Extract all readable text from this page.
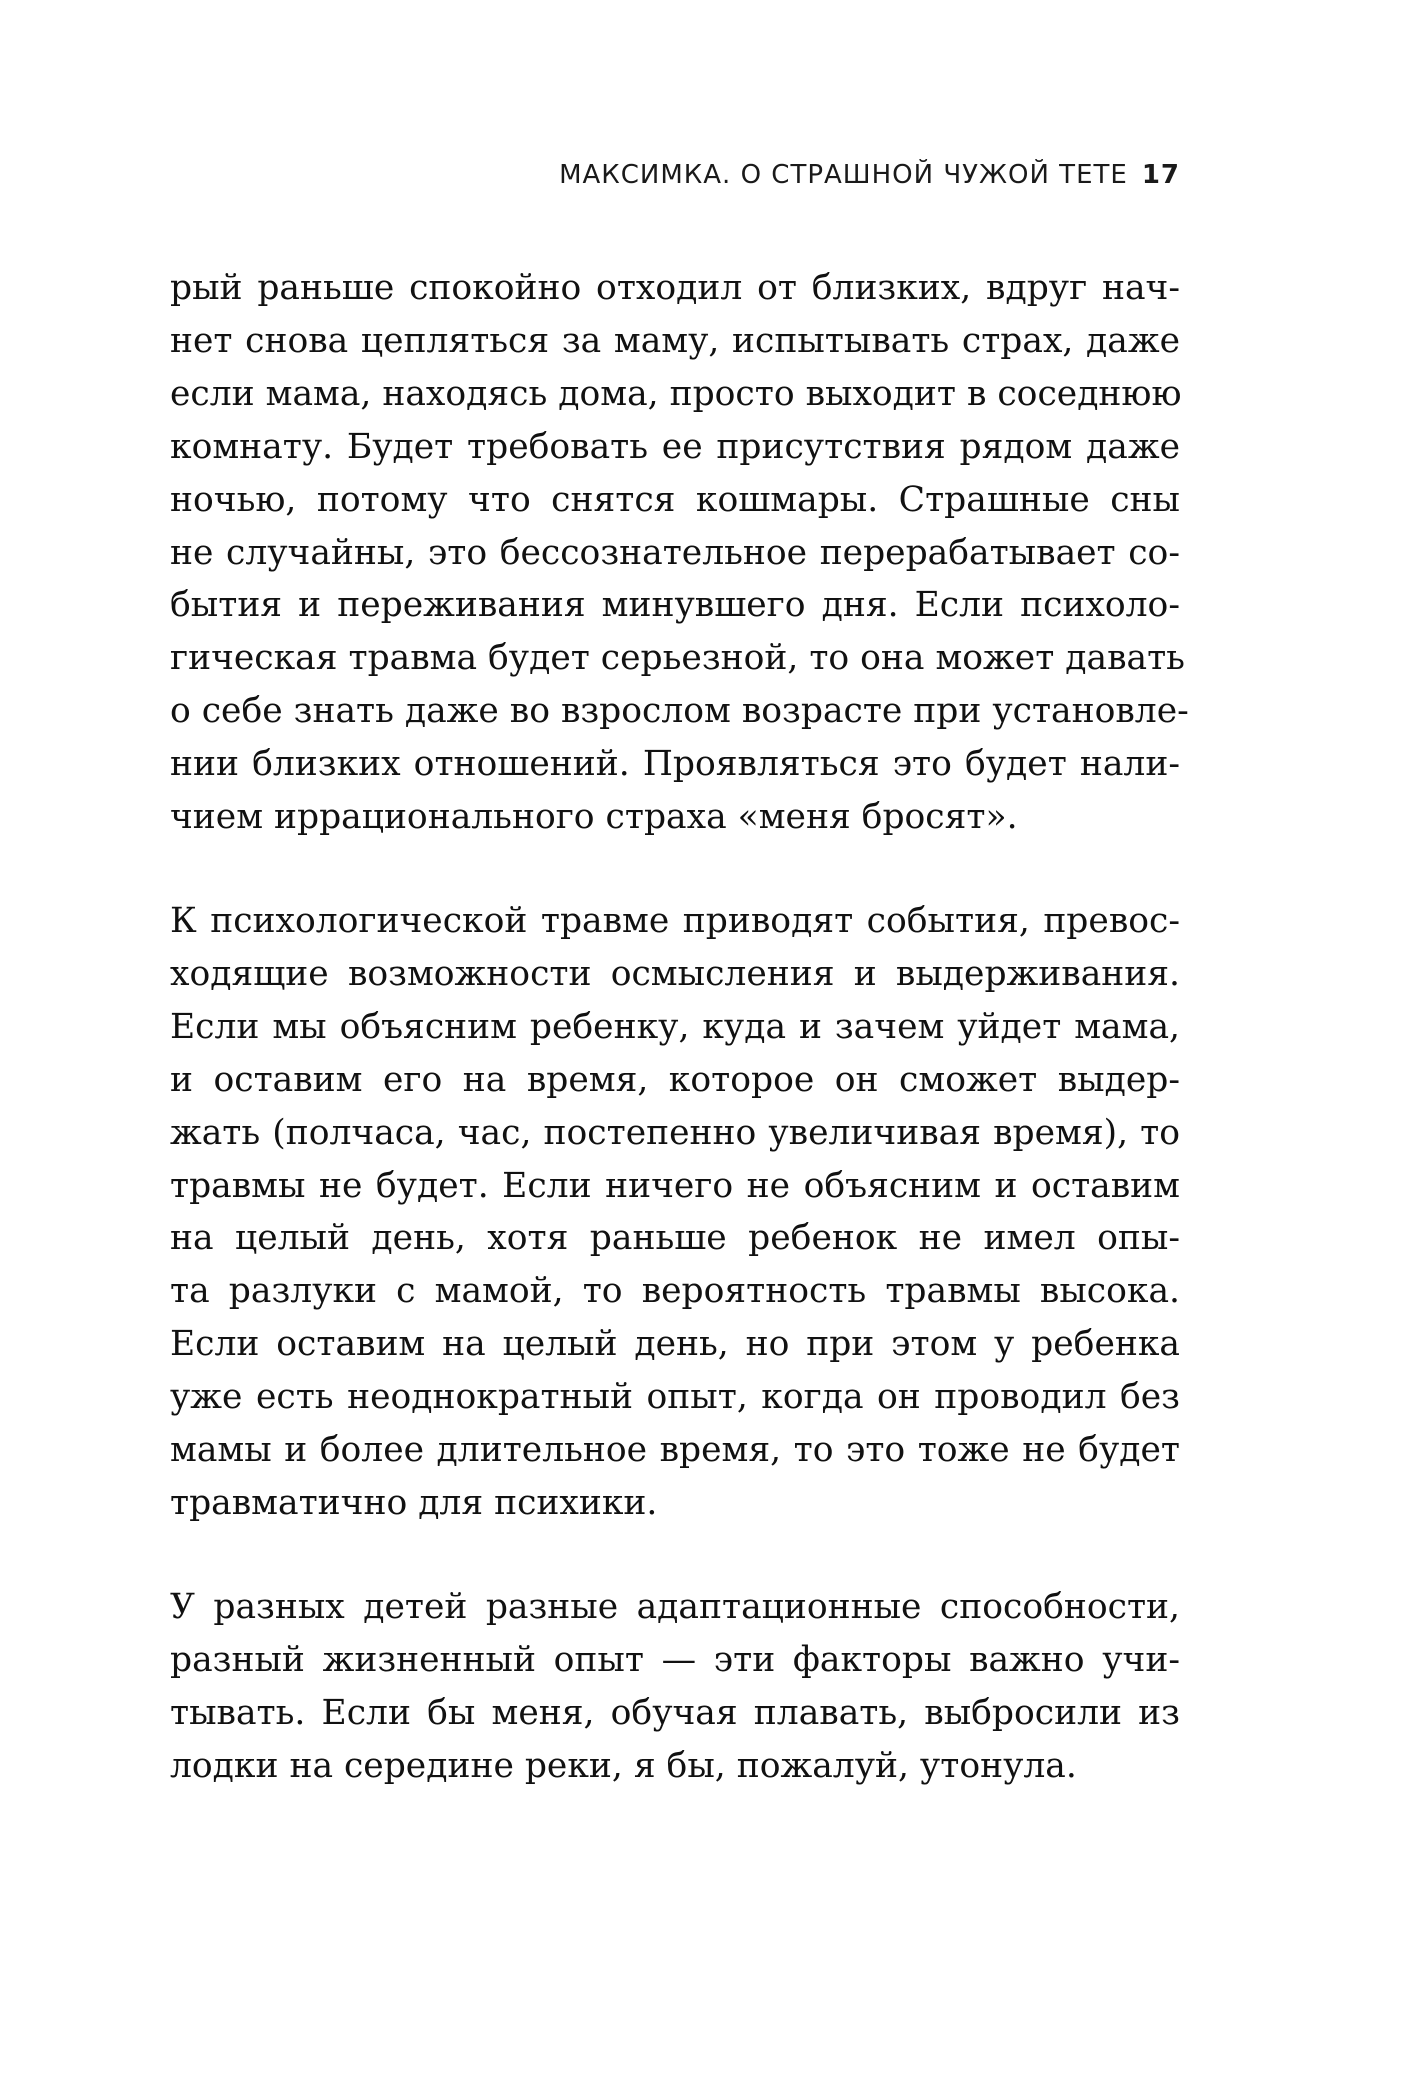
МАКСИМКА. О СТРАШНОЙ ЧУЖОЙ ТЕТЕ 17

рый раньше спокойно отходил от близких, вдруг нач-
нет снова цепляться за маму, испытывать страх, даже
если мама, находясь дома, просто выходит в соседнюю
комнату. Будет требовать ее присутствия рядом даже
ночью, потому что снятся кошмары. Страшные сны
не случайны, это бессознательное перерабатывает со-
бытия и переживания минувшего дня. Если психоло-
гическая травма будет серьезной, то она может давать
о себе знать даже во взрослом возрасте при установле-
нии близких отношений. Проявляться это будет нали-
чием иррационального страха «меня бросят».

К психологической травме приводят события, превос-
ходящие возможности осмысления и выдерживания.
Если мы объясним ребенку, куда и зачем уйдет мама,
и оставим его на время, которое он сможет выдер-
жать (полчаса, час, постепенно увеличивая время), то
травмы не будет. Если ничего не объясним и оставим
на целый день, хотя раньше ребенок не имел опы-
та разлуки с мамой, то вероятность травмы высока.
Если оставим на целый день, но при этом у ребенка
уже есть неоднократный опыт, когда он проводил без
мамы и более длительное время, то это тоже не будет
травматично для психики.

У разных детей разные адаптационные способности,
разный жизненный опыт — эти факторы важно учи-
тывать. Если бы меня, обучая плавать, выбросили из
лодки на середине реки, я бы, пожалуй, утонула.
